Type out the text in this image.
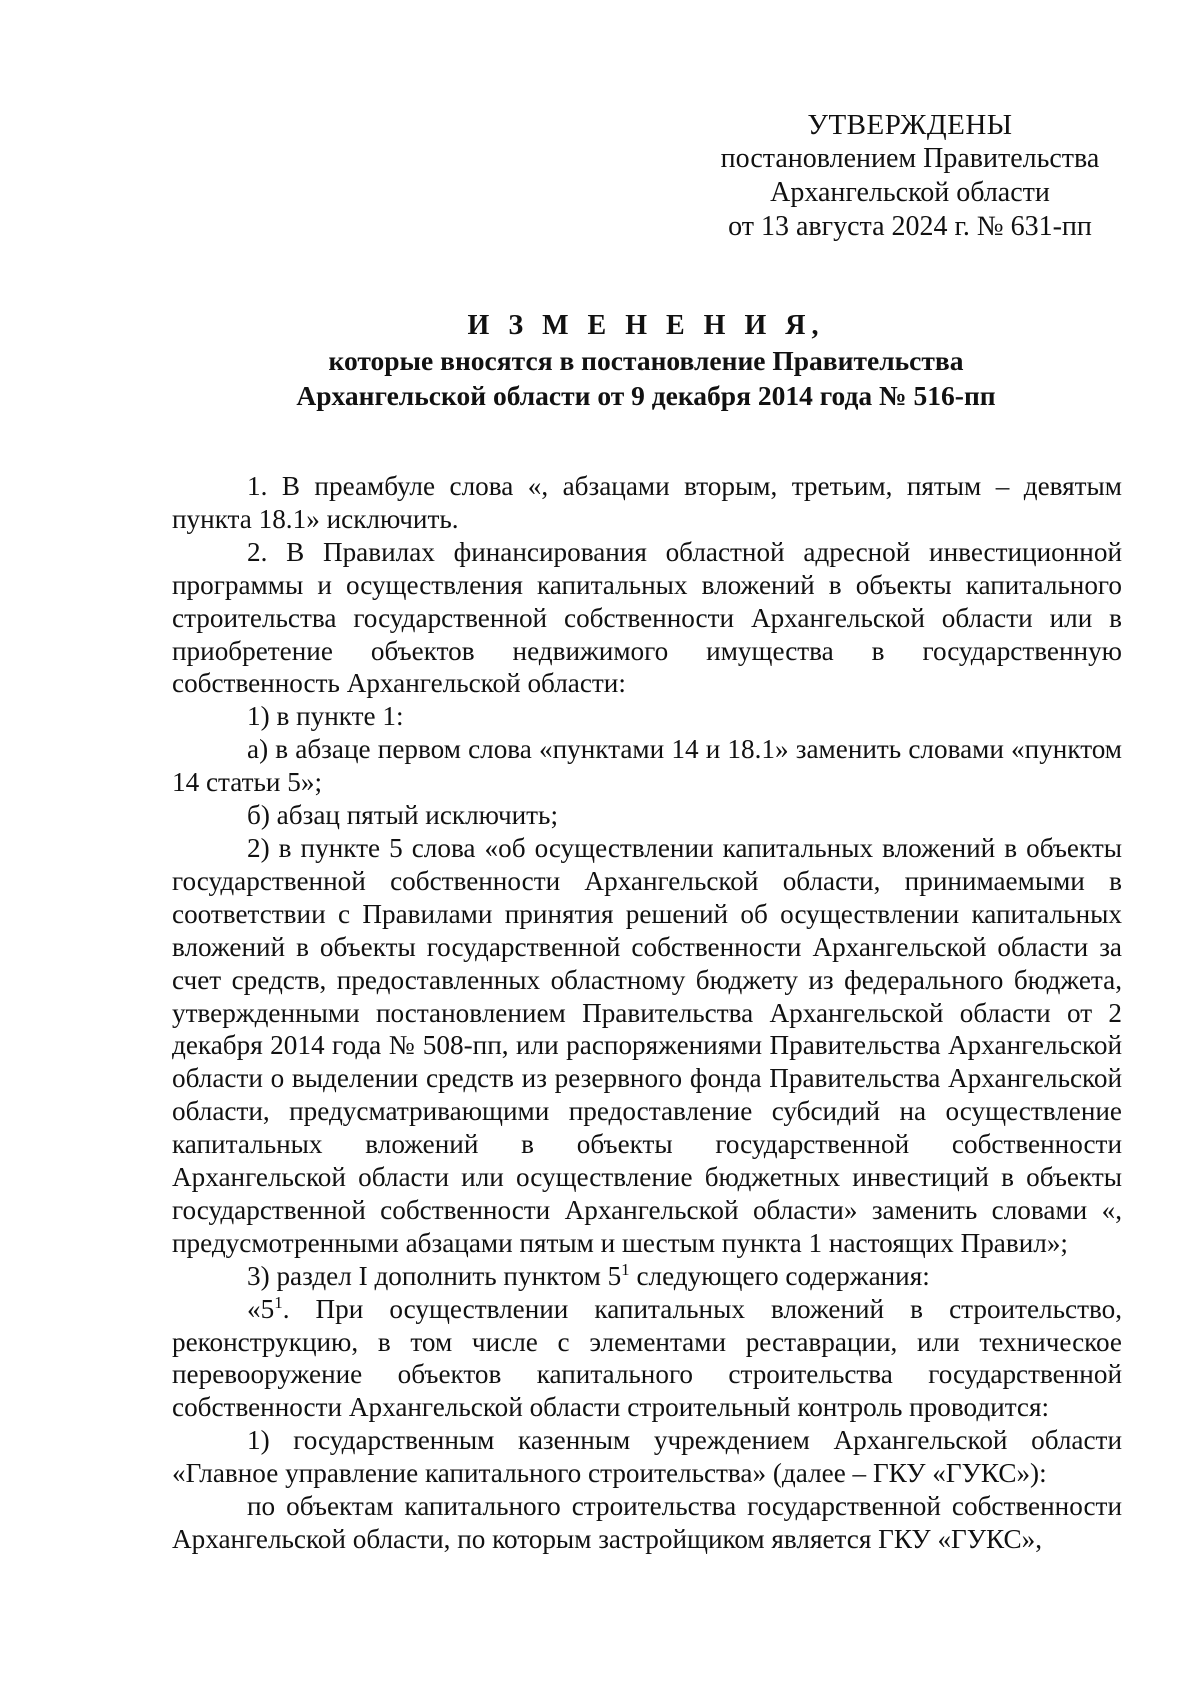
УТВЕРЖДЕНЫ
постановлением Правительства
Архангельской области
от 13 августа 2024 г. № 631-пп
И З М Е Н Е Н И Я,
которые вносятся в постановление Правительства
Архангельской области от 9 декабря 2014 года № 516-пп

1. В преамбуле слова «, абзацами вторым, третьим, пятым – девятым пункта 18.1» исключить.

2. В Правилах финансирования областной адресной инвестиционной программы и осуществления капитальных вложений в объекты капитального строительства государственной собственности Архангельской области или в приобретение объектов недвижимого имущества в государственную собственность Архангельской области:

1) в пункте 1:

а) в абзаце первом слова «пунктами 14 и 18.1» заменить словами «пунктом 14 статьи 5»;

б) абзац пятый исключить;

2) в пункте 5 слова «об осуществлении капитальных вложений в объекты государственной собственности Архангельской области, принимаемыми в соответствии с Правилами принятия решений об осуществлении капитальных вложений в объекты государственной собственности Архангельской области за счет средств, предоставленных областному бюджету из федерального бюджета, утвержденными постановлением Правительства Архангельской области от 2 декабря 2014 года № 508-пп, или распоряжениями Правительства Архангельской области о выделении средств из резервного фонда Правительства Архангельской области, предусматривающими предоставление субсидий на осуществление капитальных вложений в объекты государственной собственности Архангельской области или осуществление бюджетных инвестиций в объекты государственной собственности Архангельской области» заменить словами «, предусмотренными абзацами пятым и шестым пункта 1 настоящих Правил»;

3) раздел I дополнить пунктом $5^1$ следующего содержания:

«$5^1$. При осуществлении капитальных вложений в строительство, реконструкцию, в том числе с элементами реставрации, или техническое перевооружение объектов капитального строительства государственной собственности Архангельской области строительный контроль проводится:

1) государственным казенным учреждением Архангельской области «Главное управление капитального строительства» (далее – ГКУ «ГУКС»):

по объектам капитального строительства государственной собственности Архангельской области, по которым застройщиком является ГКУ «ГУКС»,
